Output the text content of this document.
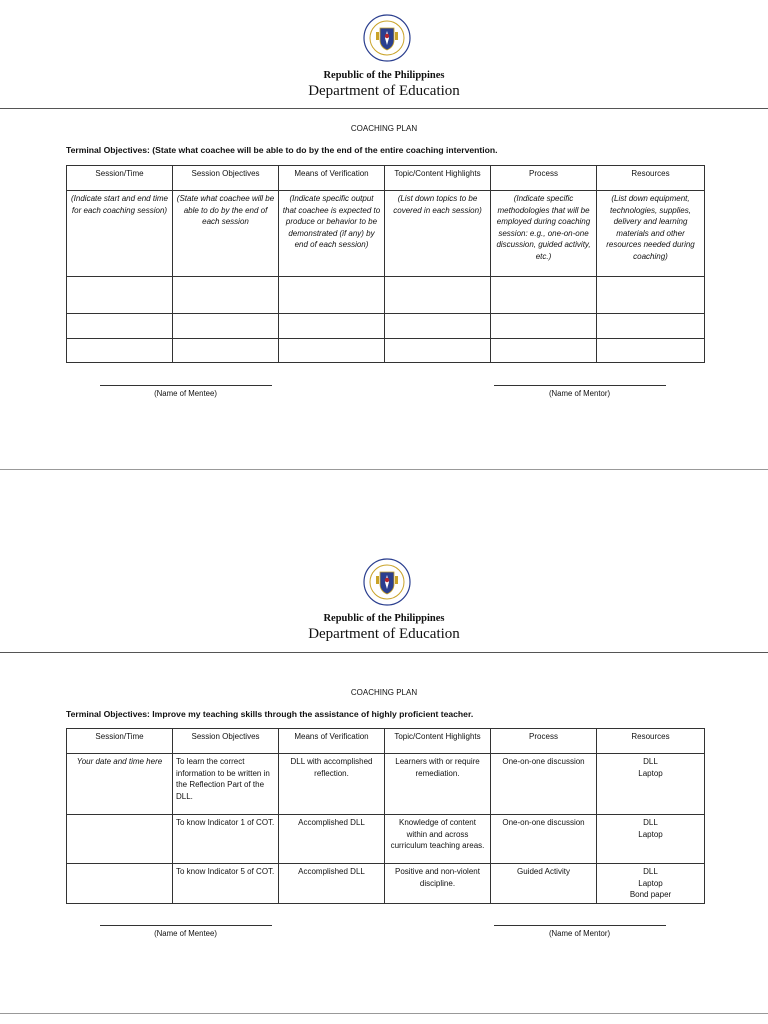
Republic of the Philippines
Department of Education
COACHING PLAN
Terminal Objectives: (State what coachee will be able to do by the end of the entire coaching intervention.
Session/Time	Session Objectives	Means of Verification	Topic/Content Highlights	Process	Resources
(Indicate start and end time for each coaching session)	(State what coachee will be able to do by the end of each session	(Indicate specific output that coachee is expected to produce or behavior to be demonstrated (if any) by end of each session)	(List down topics to be covered in each session)	(Indicate specific methodologies that will be employed during coaching session: e.g., one-on-one discussion, guided activity, etc.)	(List down equipment, technologies, supplies, delivery and learning materials and other resources needed during coaching)

(Name of Mentee)	(Name of Mentor)
Republic of the Philippines
Department of Education
COACHING PLAN
Terminal Objectives: Improve my teaching skills through the assistance of highly proficient teacher.
Session/Time	Session Objectives	Means of Verification	Topic/Content Highlights	Process	Resources
Your date and time here	To learn the correct information to be written in the Reflection Part of the DLL.	DLL with accomplished reflection.	Learners with or require remediation.	One-on-one discussion	DLL
Laptop

	To know Indicator 1 of COT.	Accomplished DLL	Knowledge of content within and across curriculum teaching areas.	One-on-one discussion	DLL
Laptop

	To know Indicator 5 of COT.	Accomplished DLL	Positive and non-violent discipline.	Guided Activity	DLL
Laptop
Bond paper
(Name of Mentee)	(Name of Mentor)
